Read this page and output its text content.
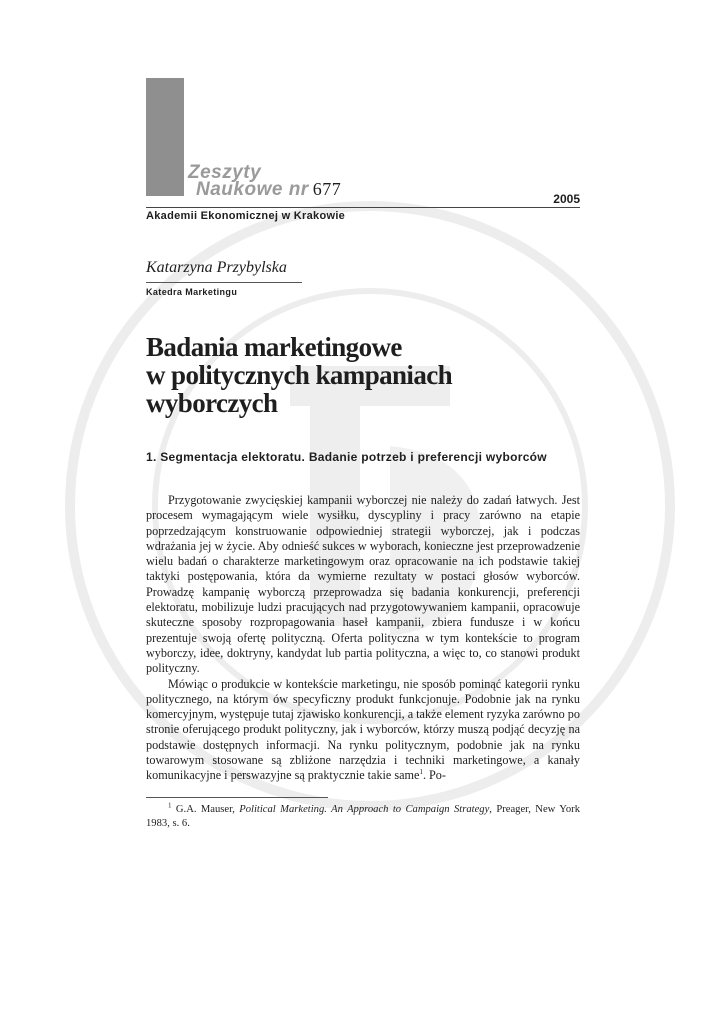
Zeszyty
Naukowe nr 677	2005
Akademii Ekonomicznej w Krakowie
Katarzyna Przybylska
Katedra Marketingu
Badania marketingowe
w politycznych kampaniach
wyborczych
1. Segmentacja elektoratu. Badanie potrzeb i preferencji wyborców

Przygotowanie zwycięskiej kampanii wyborczej nie należy do zadań łatwych. Jest procesem wymagającym wiele wysiłku, dyscypliny i pracy zarówno na etapie poprzedzającym konstruowanie odpowiedniej strategii wyborczej, jak i podczas wdrażania jej w życie. Aby odnieść sukces w wyborach, konieczne jest przeprowadzenie wielu badań o charakterze marketingowym oraz opracowanie na ich podstawie takiej taktyki postępowania, która da wymierne rezultaty w postaci głosów wyborców. Prowadzę kampanię wyborczą przeprowadza się badania konkurencji, preferencji elektoratu, mobilizuje ludzi pracujących nad przygotowywaniem kampanii, opracowuje skuteczne sposoby rozpropagowania haseł kampanii, zbiera fundusze i w końcu prezentuje swoją ofertę polityczną. Oferta polityczna w tym kontekście to program wyborczy, idee, doktryny, kandydat lub partia polityczna, a więc to, co stanowi produkt polityczny.

Mówiąc o produkcie w kontekście marketingu, nie sposób pominąć kategorii rynku politycznego, na którym ów specyficzny produkt funkcjonuje. Podobnie jak na rynku komercyjnym, występuje tutaj zjawisko konkurencji, a także element ryzyka zarówno po stronie oferującego produkt polityczny, jak i wyborców, którzy muszą podjąć decyzję na podstawie dostępnych informacji. Na rynku politycznym, podobnie jak na rynku towarowym stosowane są zbliżone narzędzia i techniki marketingowe, a kanały komunikacyjne i perswazyjne są praktycznie takie same$^1$. Po-

$^1$ G.A. Mauser, Political Marketing. An Approach to Campaign Strategy, Preager, New York 1983, s. 6.
